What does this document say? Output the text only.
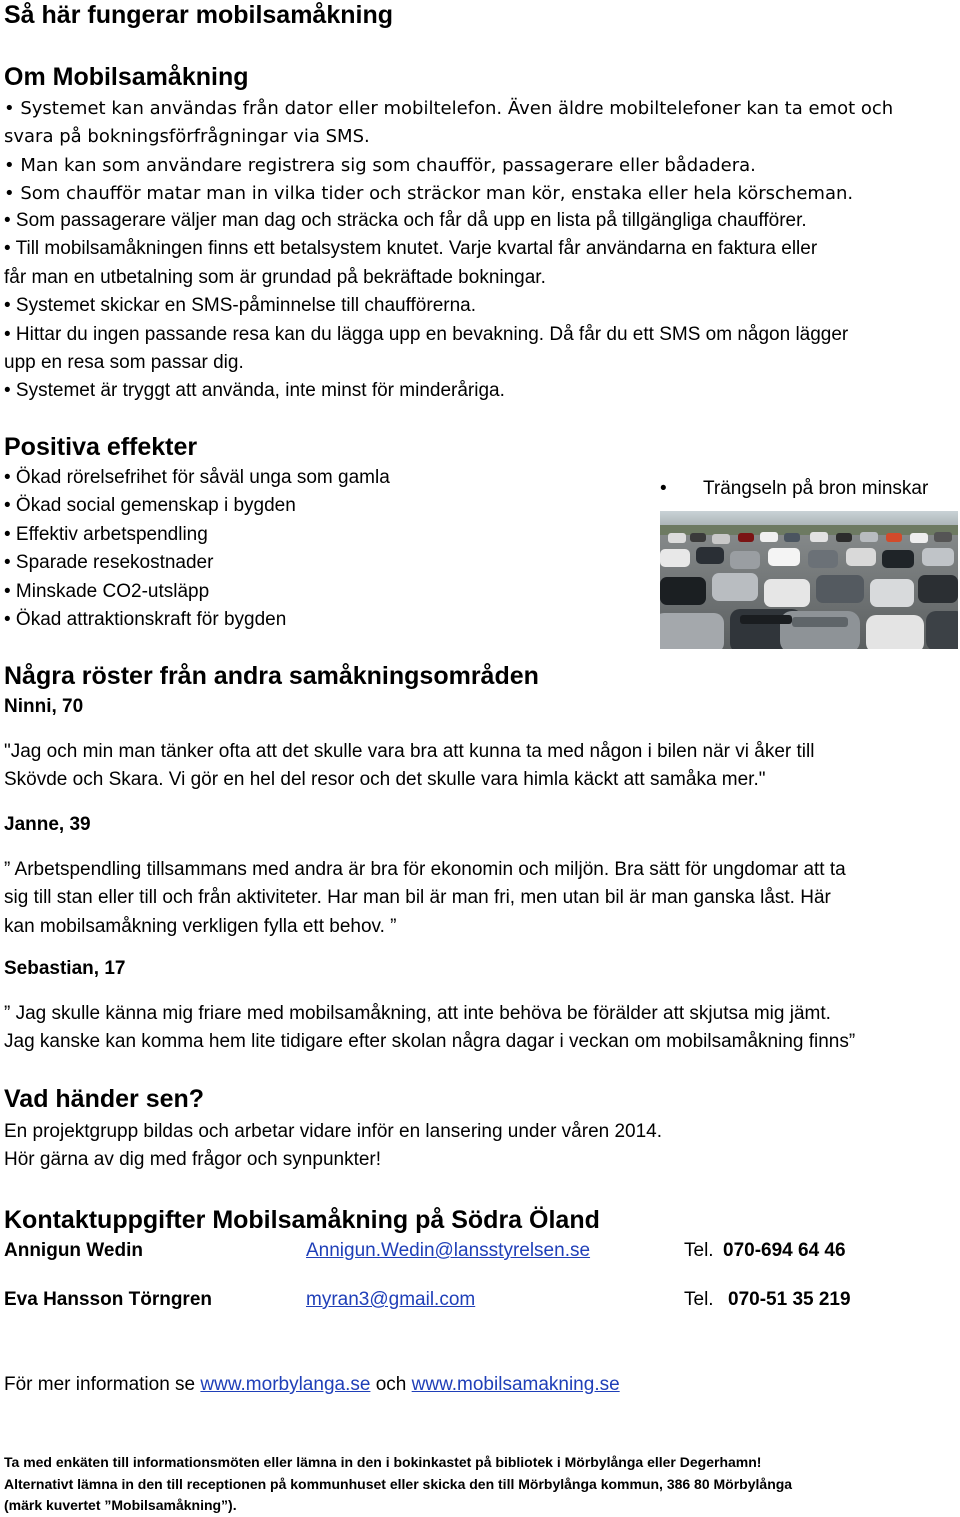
Så här fungerar mobilsamåkning
Om Mobilsamåkning
• Systemet kan användas från dator eller mobiltelefon. Även äldre mobiltelefoner kan ta emot och
svara på bokningsförfrågningar via SMS.
• Man kan som användare registrera sig som chaufför, passagerare eller bådadera.
• Som chaufför matar man in vilka tider och sträckor man kör, enstaka eller hela körscheman.
• Som passagerare väljer man dag och sträcka och får då upp en lista på tillgängliga chaufförer.
• Till mobilsamåkningen finns ett betalsystem knutet. Varje kvartal får användarna en faktura eller
får man en utbetalning som är grundad på bekräftade bokningar.
• Systemet skickar en SMS-påminnelse till chaufförerna.
• Hittar du ingen passande resa kan du lägga upp en bevakning. Då får du ett SMS om någon lägger
upp en resa som passar dig.
• Systemet är tryggt att använda, inte minst för minderåriga.
Positiva effekter
• Ökad rörelsefrihet för såväl unga som gamla
• Ökad social gemenskap i bygden
• Effektiv arbetspendling
• Sparade resekostnader
• Minskade CO2-utsläpp
• Ökad attraktionskraft för bygden
• Trängseln på bron minskar
Några röster från andra samåkningsområden
Ninni, 70
"Jag och min man tänker ofta att det skulle vara bra att kunna ta med någon i bilen när vi åker till
Skövde och Skara. Vi gör en hel del resor och det skulle vara himla käckt att samåka mer."
Janne, 39
” Arbetspendling tillsammans med andra är bra för ekonomin och miljön. Bra sätt för ungdomar att ta
sig till stan eller till och från aktiviteter. Har man bil är man fri, men utan bil är man ganska låst. Här
kan mobilsamåkning verkligen fylla ett behov. ”
Sebastian, 17
” Jag skulle känna mig friare med mobilsamåkning, att inte behöva be förälder att skjutsa mig jämt.
Jag kanske kan komma hem lite tidigare efter skolan några dagar i veckan om mobilsamåkning finns”
Vad händer sen?
En projektgrupp bildas och arbetar vidare inför en lansering under våren 2014.
Hör gärna av dig med frågor och synpunkter!
Kontaktuppgifter Mobilsamåkning på Södra Öland
Annigun Wedin	Annigun.Wedin@lansstyrelsen.se	Tel. 070-694 64 46
Eva Hansson Törngren	myran3@gmail.com	Tel. 070-51 35 219
För mer information se www.morbylanga.se och www.mobilsamakning.se
Ta med enkäten till informationsmöten eller lämna in den i bokinkastet på bibliotek i Mörbylånga eller Degerhamn!
Alternativt lämna in den till receptionen på kommunhuset eller skicka den till Mörbylånga kommun, 386 80 Mörbylånga
(märk kuvertet ”Mobilsamåkning”).
